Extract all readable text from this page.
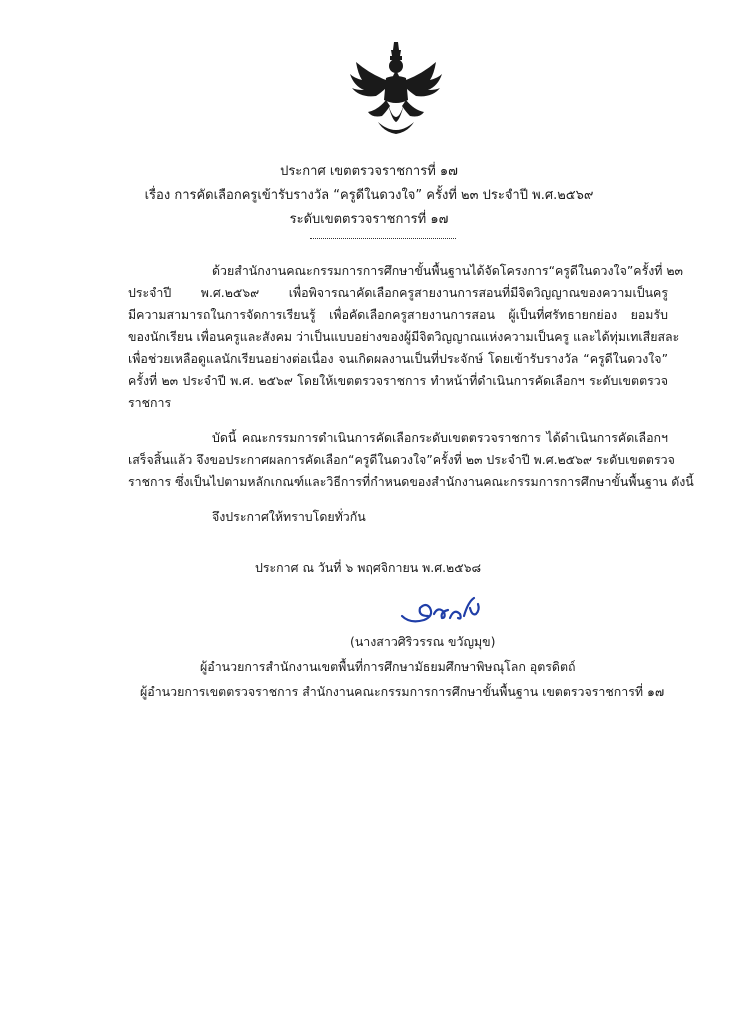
ประกาศ เขตตรวจราชการที่ ๑๗
เรื่อง การคัดเลือกครูเข้ารับรางวัล “ครูดีในดวงใจ” ครั้งที่ ๒๓ ประจำปี พ.ศ.๒๕๖๙
ระดับเขตตรวจราชการที่ ๑๗
ด้วยสำนักงานคณะกรรมการการศึกษาขั้นพื้นฐานได้จัดโครงการ“ครูดีในดวงใจ”ครั้งที่ ๒๓
ประจำปี พ.ศ.๒๕๖๙ เพื่อพิจารณาคัดเลือกครูสายงานการสอนที่มีจิตวิญญาณของความเป็นครู
มีความสามารถในการจัดการเรียนรู้ เพื่อคัดเลือกครูสายงานการสอน ผู้เป็นที่ศรัทธายกย่อง ยอมรับ
ของนักเรียน เพื่อนครูและสังคม ว่าเป็นแบบอย่างของผู้มีจิตวิญญาณแห่งความเป็นครู และได้ทุ่มเทเสียสละ
เพื่อช่วยเหลือดูแลนักเรียนอย่างต่อเนื่อง จนเกิดผลงานเป็นที่ประจักษ์ โดยเข้ารับรางวัล “ครูดีในดวงใจ”
ครั้งที่ ๒๓ ประจำปี พ.ศ. ๒๕๖๙ โดยให้เขตตรวจราชการ ทำหน้าที่ดำเนินการคัดเลือกฯ ระดับเขตตรวจ
ราชการ
บัดนี้ คณะกรรมการดำเนินการคัดเลือกระดับเขตตรวจราชการ ได้ดำเนินการคัดเลือกฯ
เสร็จสิ้นแล้ว จึงขอประกาศผลการคัดเลือก“ครูดีในดวงใจ”ครั้งที่ ๒๓ ประจำปี พ.ศ.๒๕๖๙ ระดับเขตตรวจ
ราชการ ซึ่งเป็นไปตามหลักเกณฑ์และวิธีการที่กำหนดของสำนักงานคณะกรรมการการศึกษาขั้นพื้นฐาน ดังนี้
จึงประกาศให้ทราบโดยทั่วกัน
ประกาศ ณ วันที่ ๖ พฤศจิกายน พ.ศ.๒๕๖๘
(นางสาวศิริวรรณ ขวัญมุข)
ผู้อำนวยการสำนักงานเขตพื้นที่การศึกษามัธยมศึกษาพิษณุโลก อุตรดิตถ์
ผู้อำนวยการเขตตรวจราชการ สำนักงานคณะกรรมการการศึกษาขั้นพื้นฐาน เขตตรวจราชการที่ ๑๗
